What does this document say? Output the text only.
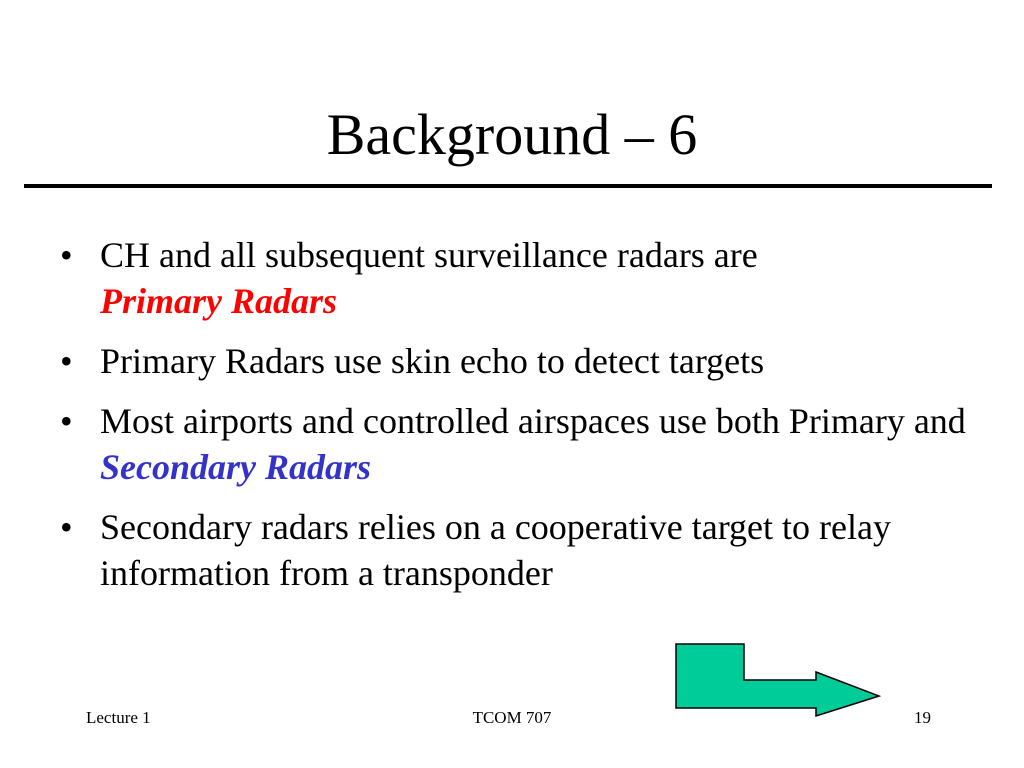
Background – 6
• CH and all subsequent surveillance radars are
Primary Radars
• Primary Radars use skin echo to detect targets
• Most airports and controlled airspaces use both Primary and Secondary Radars
• Secondary radars relies on a cooperative target to relay information from a transponder
Lecture 1	TCOM 707	19
